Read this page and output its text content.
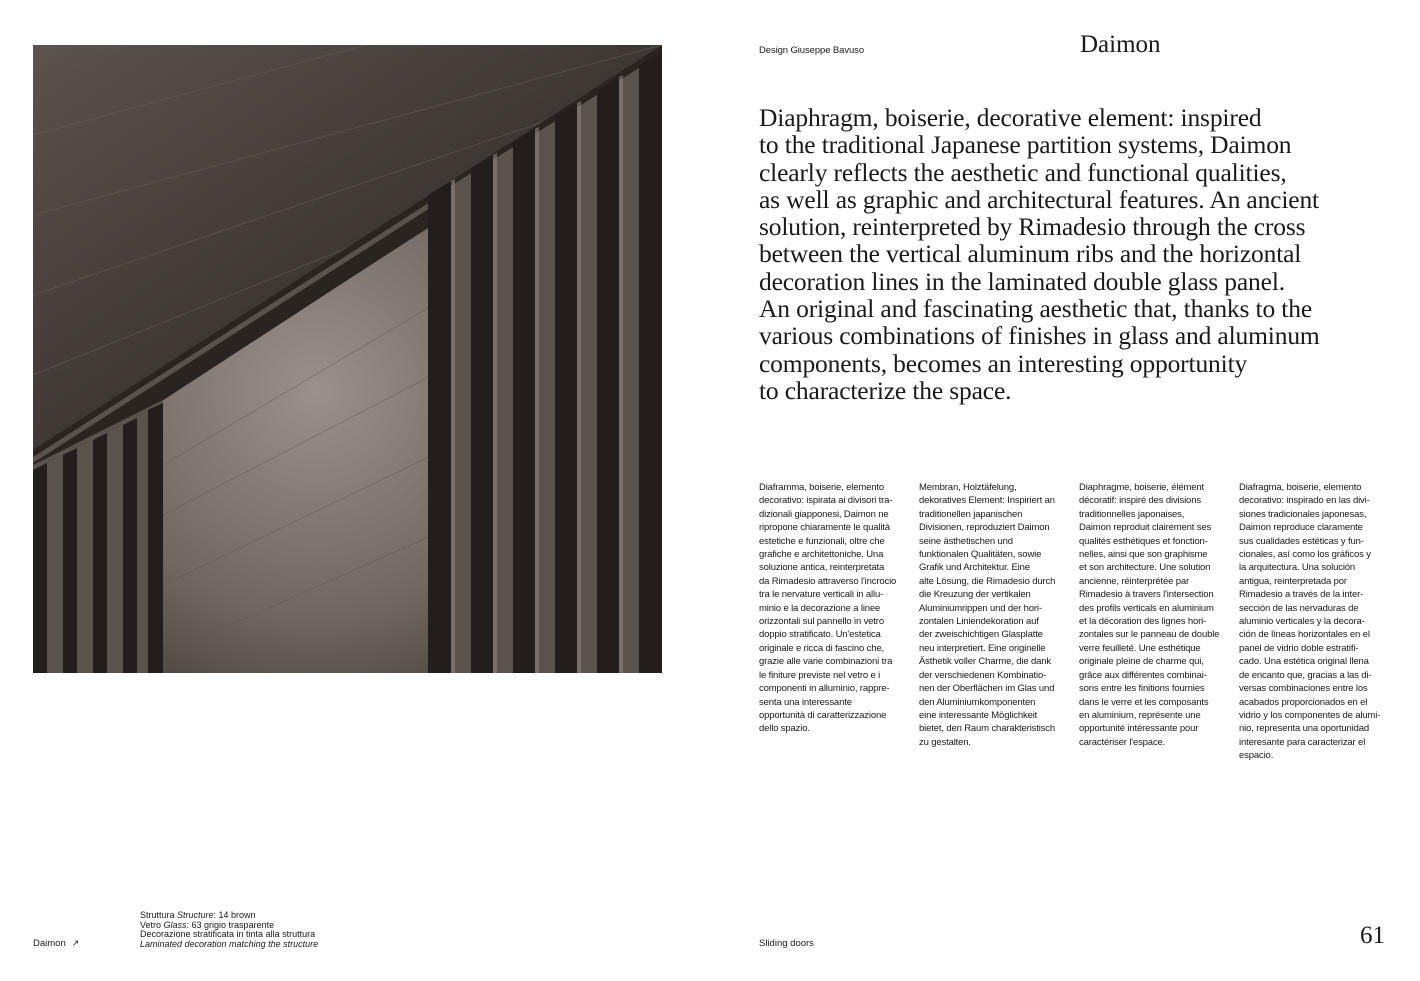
Design Giuseppe Bavuso	Daimon

Diaphragm, boiserie, decorative element: inspired
to the traditional Japanese partition systems, Daimon
clearly reflects the aesthetic and functional qualities,
as well as graphic and architectural features. An ancient
solution, reinterpreted by Rimadesio through the cross
between the vertical aluminum ribs and the horizontal
decoration lines in the laminated double glass panel.
An original and fascinating aesthetic that, thanks to the
various combinations of finishes in glass and aluminum
components, becomes an interesting opportunity
to characterize the space.

Diaframma, boiserie, elemento
decorativo: ispirata ai divisori tra-
dizionali giapponesi, Daimon ne
ripropone chiaramente le qualità
estetiche e funzionali, oltre che
grafiche e architettoniche. Una
soluzione antica, reinterpretata
da Rimadesio attraverso l'incrocio
tra le nervature verticali in allu-
minio e la decorazione a linee
orizzontali sul pannello in vetro
doppio stratificato. Un'estetica
originale e ricca di fascino che,
grazie alle varie combinazioni tra
le finiture previste nel vetro e i
componenti in alluminio, rappre-
senta una interessante
opportunità di caratterizzazione
dello spazio.

Membran, Holztäfelung,
dekoratives Element: Inspiriert an
traditionellen japanischen
Divisionen, reproduziert Daimon
seine ästhetischen und
funktionalen Qualitäten, sowie
Grafik und Architektur. Eine
alte Lösung, die Rimadesio durch
die Kreuzung der vertikalen
Aluminiumrippen und der hori-
zontalen Liniendekoration auf
der zweischichtigen Glasplatte
neu interpretiert. Eine originelle
Ästhetik voller Charme, die dank
der verschiedenen Kombinatio-
nen der Oberflächen im Glas und
den Aluminiumkomponenten
eine interessante Möglichkeit
bietet, den Raum charakteristisch
zu gestalten.

Diaphragme, boiserie, élément
décoratif: inspiré des divisions
traditionnelles japonaises,
Daimon reproduit clairement ses
qualités esthétiques et fonction-
nelles, ainsi que son graphisme
et son architecture. Une solution
ancienne, réinterprétée par
Rimadesio à travers l'intersection
des profils verticals en aluminium
et la décoration des lignes hori-
zontales sur le panneau de double
verre feuilleté. Une esthétique
originale pleine de charme qui,
grâce aux différentes combinai-
sons entre les finitions fournies
dans le verre et les composants
en aluminium, représente une
opportunité intéressante pour
caractériser l'espace.

Diafragma, boiserie, elemento
decorativo: inspirado en las divi-
siones tradicionales japonesas,
Daimon reproduce claramente
sus cualidades estéticas y fun-
cionales, así como los gráficos y
la arquitectura. Una solución
antigua, reinterpretada por
Rimadesio a través de la inter-
sección de las nervaduras de
aluminio verticales y la decora-
ción de líneas horizontales en el
panel de vidrio doble estratifi-
cado. Una estética original llena
de encanto que, gracias a las di-
versas combinaciones entre los
acabados proporcionados en el
vidrio y los componentes de alumi-
nio, representa una oportunidad
interesante para caracterizar el
espacio.

Daimon ↗
Struttura Structure: 14 brown
Vetro Glass: 63 grigio trasparente
Decorazione stratificata in tinta alla struttura
Laminated decoration matching the structure	Sliding doors	61
